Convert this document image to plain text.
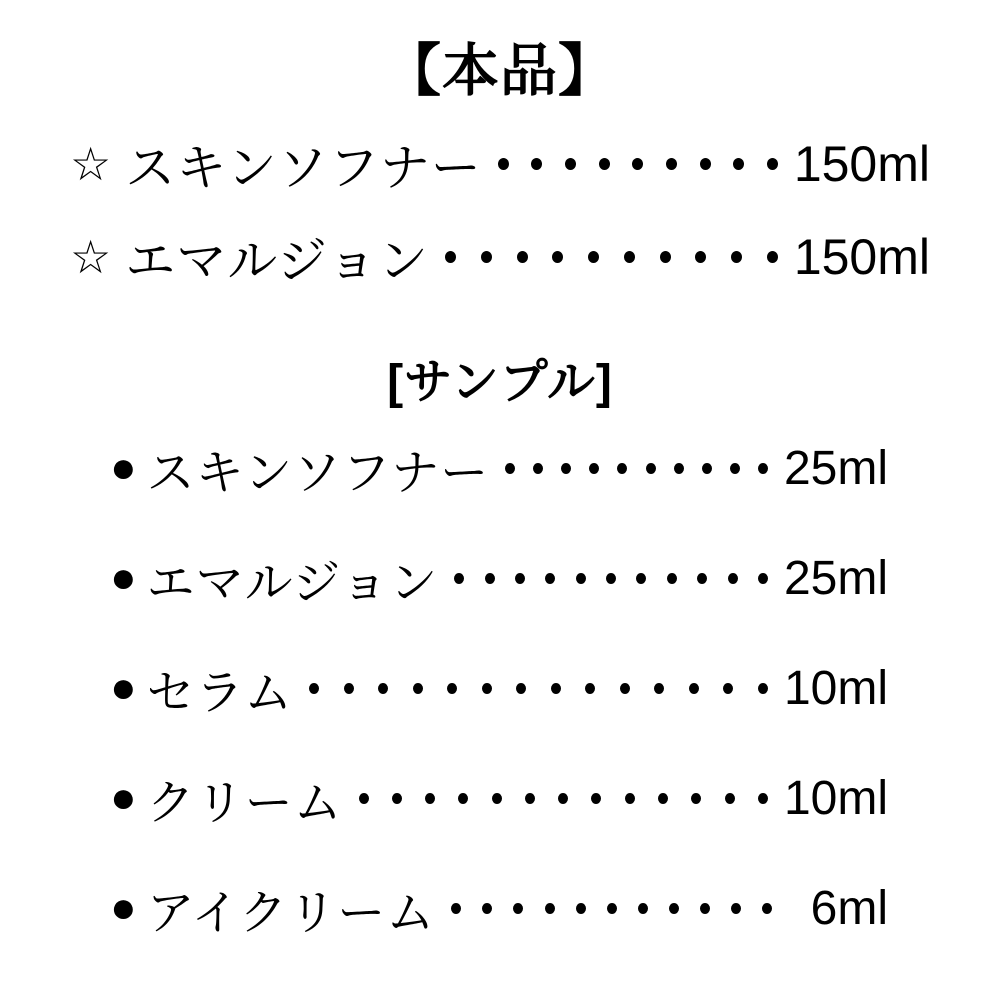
【本品】
☆ スキンソフナー	150ml
☆ エマルジョン	150ml
[サンプル]
● スキンソフナー	25ml
● エマルジョン	25ml
● セラム	10ml
● クリーム	10ml
● アイクリーム	6ml
